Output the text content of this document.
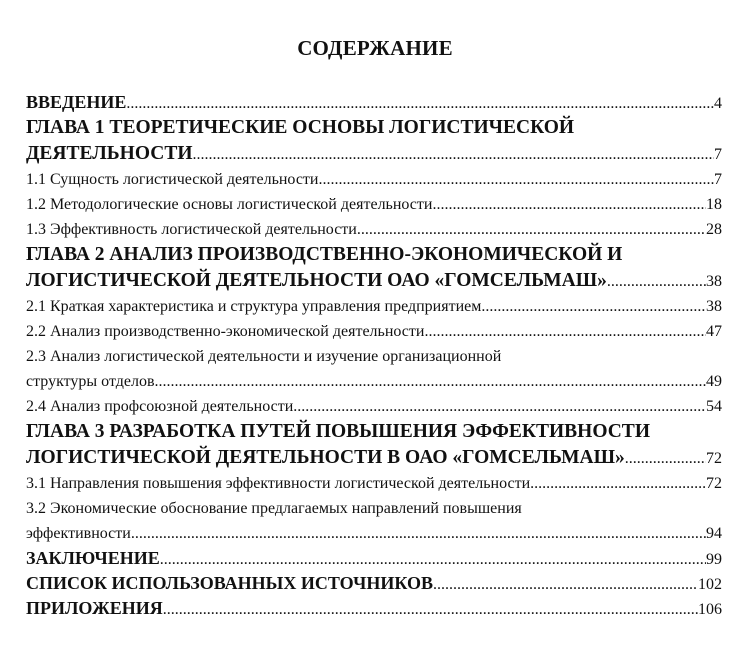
СОДЕРЖАНИЕ
ВВЕДЕНИЕ .....	4
ГЛАВА 1 ТЕОРЕТИЧЕСКИЕ ОСНОВЫ ЛОГИСТИЧЕСКОЙ
ДЕЯТЕЛЬНОСТИ .....	7
1.1 Сущность логистической деятельности .....	7
1.2 Методологические основы логистической деятельности .....	18
1.3 Эффективность логистической деятельности .....	28
ГЛАВА 2 АНАЛИЗ ПРОИЗВОДСТВЕННО-ЭКОНОМИЧЕСКОЙ И
ЛОГИСТИЧЕСКОЙ ДЕЯТЕЛЬНОСТИ ОАО «ГОМСЕЛЬМАШ» .....	38
2.1 Краткая характеристика и структура управления предприятием .....	38
2.2 Анализ производственно-экономической деятельности .....	47
2.3 Анализ логистической деятельности и изучение организационной
структуры отделов .....	49
2.4 Анализ профсоюзной деятельности .....	54
ГЛАВА 3 РАЗРАБОТКА ПУТЕЙ ПОВЫШЕНИЯ ЭФФЕКТИВНОСТИ
ЛОГИСТИЧЕСКОЙ ДЕЯТЕЛЬНОСТИ В ОАО «ГОМСЕЛЬМАШ» .....	72
3.1 Направления повышения эффективности логистической деятельности .....	72
3.2 Экономические обоснование предлагаемых направлений повышения
эффективности .....	94
ЗАКЛЮЧЕНИЕ .....	99
СПИСОК ИСПОЛЬЗОВАННЫХ ИСТОЧНИКОВ .....	102
ПРИЛОЖЕНИЯ .....	106
